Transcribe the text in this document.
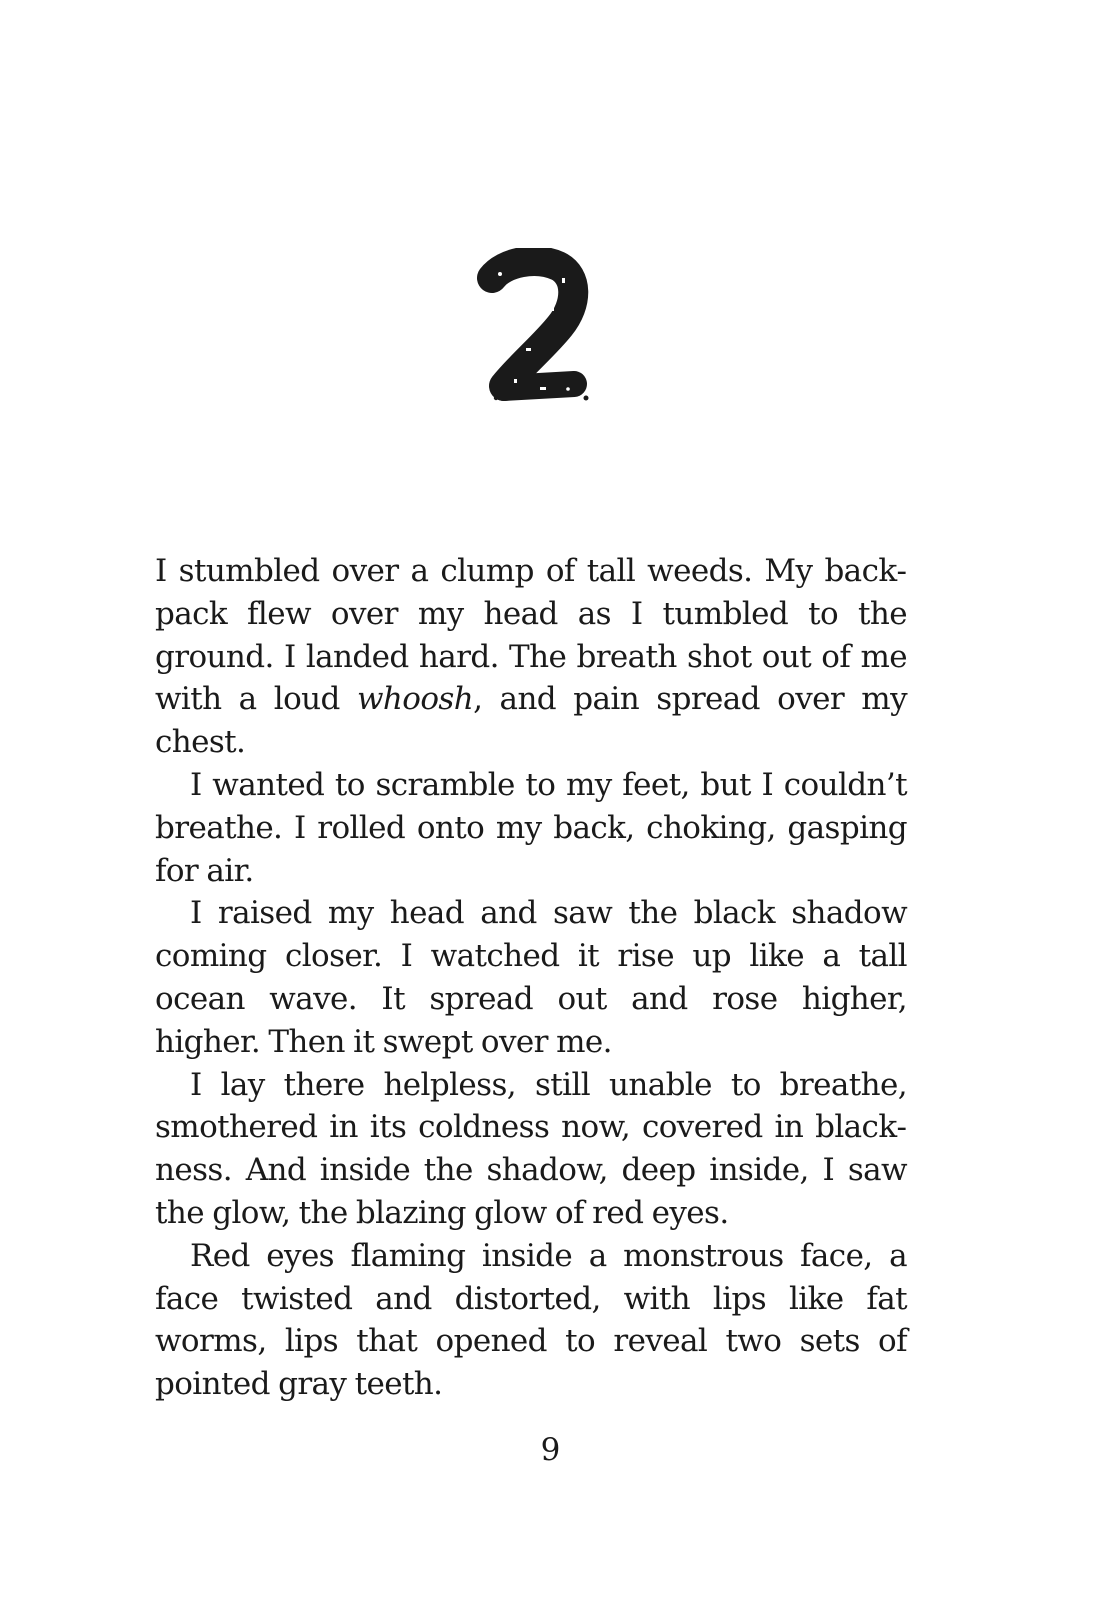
I stumbled over a clump of tall weeds. My backpack flew over my head as I tumbled to the ground. I landed hard. The breath shot out of me with a loud whoosh, and pain spread over my chest.

I wanted to scramble to my feet, but I couldn’t breathe. I rolled onto my back, choking, gasping for air.

I raised my head and saw the black shadow coming closer. I watched it rise up like a tall ocean wave. It spread out and rose higher, higher. Then it swept over me.

I lay there helpless, still unable to breathe, smothered in its coldness now, covered in blackness. And inside the shadow, deep inside, I saw the glow, the blazing glow of red eyes.

Red eyes flaming inside a monstrous face, a face twisted and distorted, with lips like fat worms, lips that opened to reveal two sets of pointed gray teeth.

9
